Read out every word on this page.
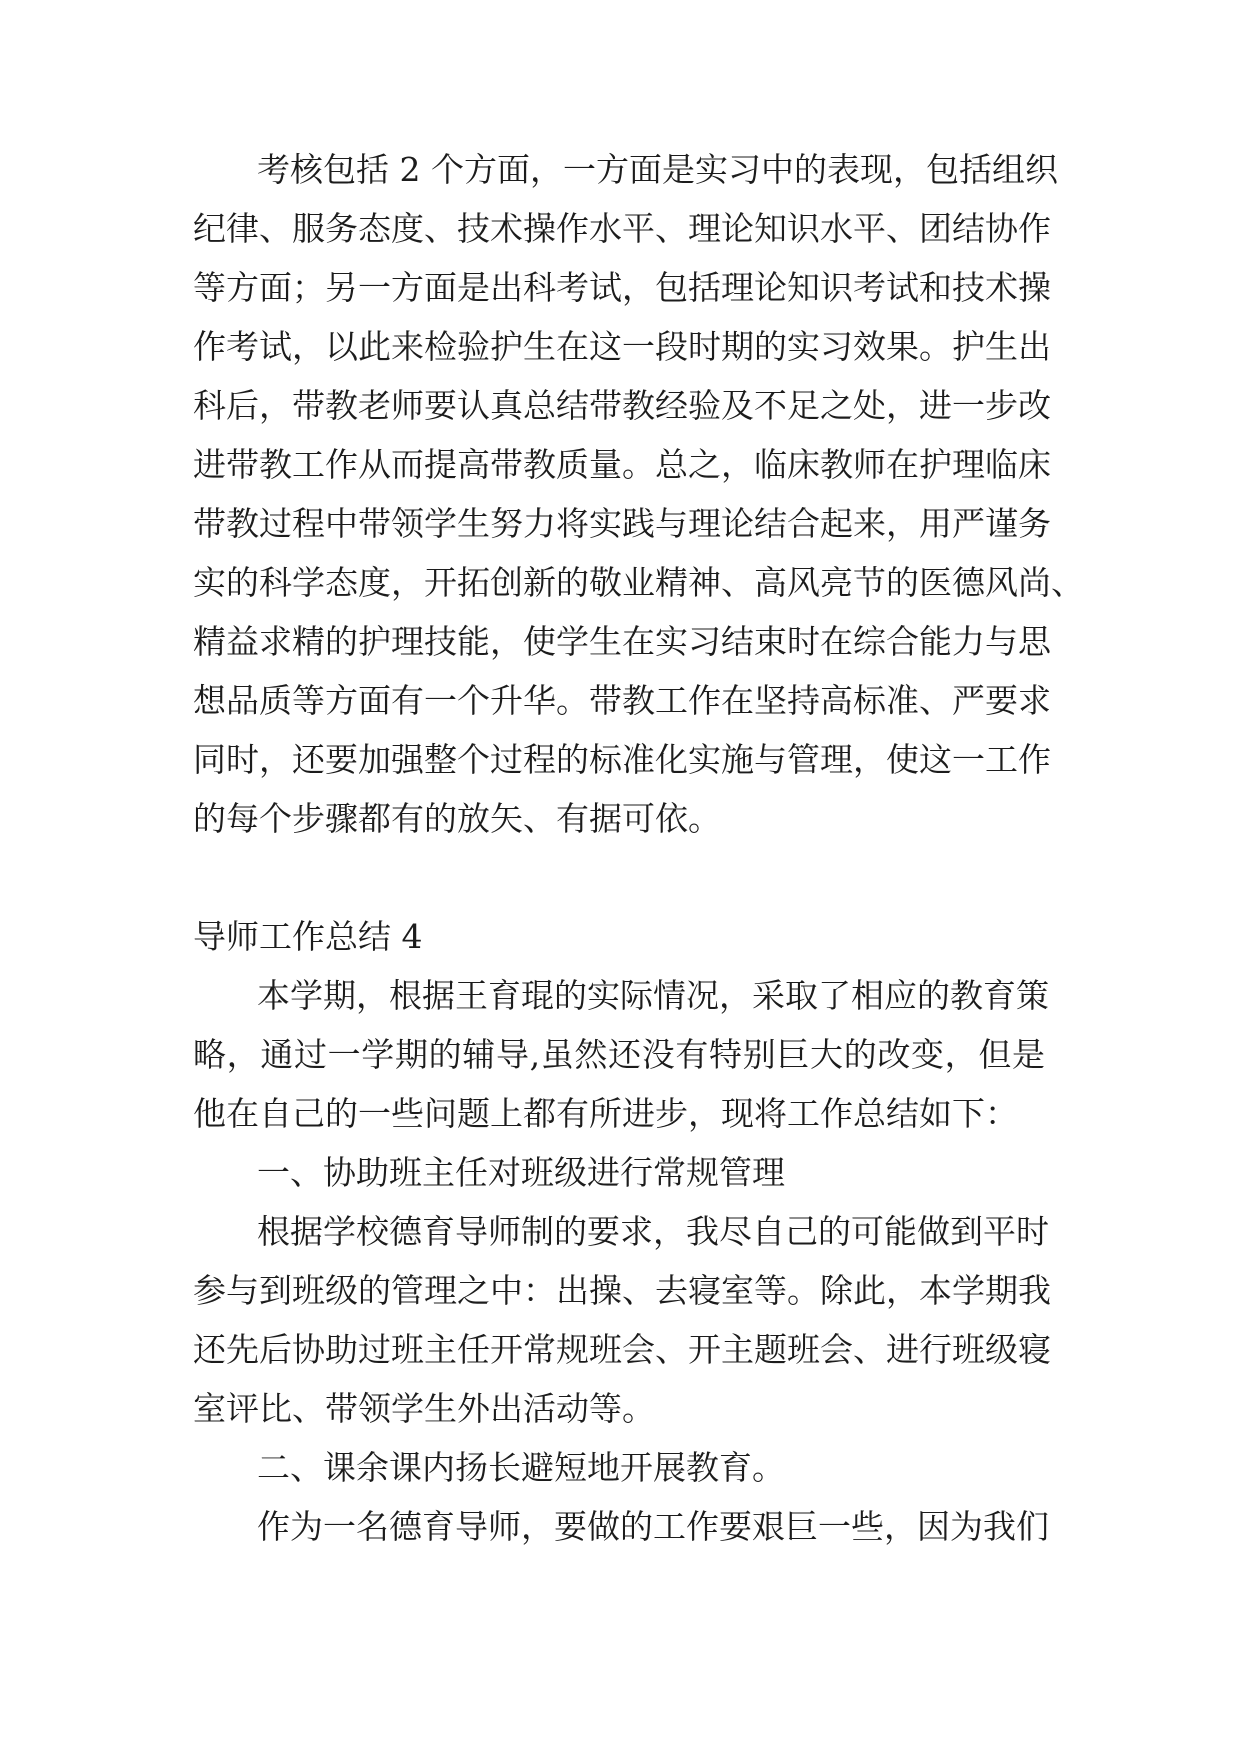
考核包括 2 个方面，一方面是实习中的表现，包括组织
纪律、服务态度、技术操作水平、理论知识水平、团结协作
等方面；另一方面是出科考试，包括理论知识考试和技术操
作考试，以此来检验护生在这一段时期的实习效果。护生出
科后，带教老师要认真总结带教经验及不足之处，进一步改
进带教工作从而提高带教质量。总之，临床教师在护理临床
带教过程中带领学生努力将实践与理论结合起来，用严谨务
实的科学态度，开拓创新的敬业精神、高风亮节的医德风尚、
精益求精的护理技能，使学生在实习结束时在综合能力与思
想品质等方面有一个升华。带教工作在坚持高标准、严要求
同时，还要加强整个过程的标准化实施与管理，使这一工作
的每个步骤都有的放矢、有据可依。
导师工作总结 4
本学期，根据王育琨的实际情况，采取了相应的教育策
略，通过一学期的辅导,虽然还没有特别巨大的改变，但是
他在自己的一些问题上都有所进步，现将工作总结如下：
一、协助班主任对班级进行常规管理
根据学校德育导师制的要求，我尽自己的可能做到平时
参与到班级的管理之中：出操、去寝室等。除此，本学期我
还先后协助过班主任开常规班会、开主题班会、进行班级寝
室评比、带领学生外出活动等。
二、课余课内扬长避短地开展教育。
作为一名德育导师，要做的工作要艰巨一些，因为我们
